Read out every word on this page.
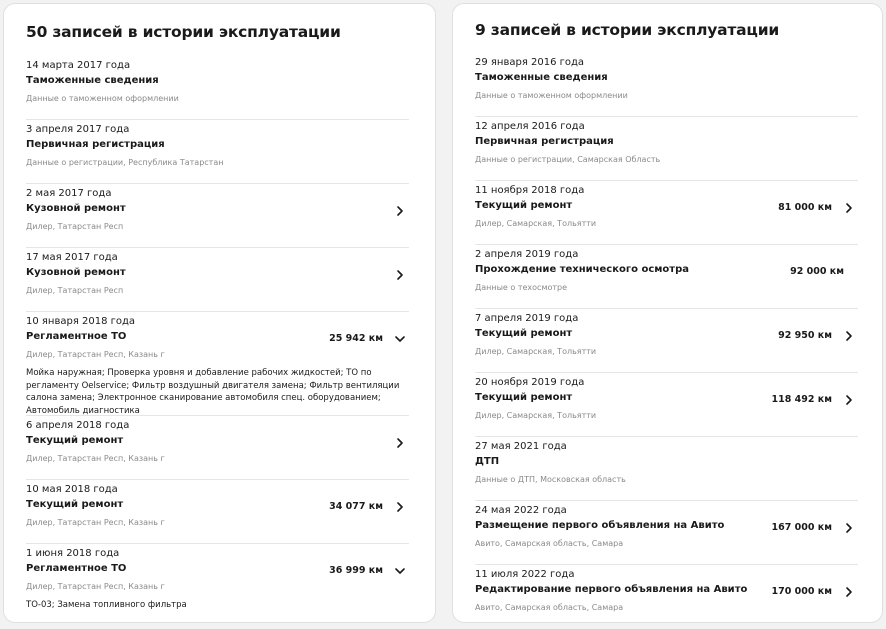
50 записей в истории эксплуатации
14 марта 2017 года
Таможенные сведения
Данные о таможенном оформлении
3 апреля 2017 года
Первичная регистрация
Данные о регистрации, Республика Татарстан
2 мая 2017 года
Кузовной ремонт
Дилер, Татарстан Респ
17 мая 2017 года
Кузовной ремонт
Дилер, Татарстан Респ
10 января 2018 года
Регламентное ТО
Дилер, Татарстан Респ, Казань г
Мойка наружная; Проверка уровня и добавление рабочих жидкостей; ТО по регламенту Oelservice; Фильтр воздушный двигателя замена; Фильтр вентиляции салона замена; Электронное сканирование автомобиля спец. оборудованием; Автомобиль диагностика
25 942 км
6 апреля 2018 года
Текущий ремонт
Дилер, Татарстан Респ, Казань г
10 мая 2018 года
Текущий ремонт
Дилер, Татарстан Респ, Казань г
34 077 км
1 июня 2018 года
Регламентное ТО
Дилер, Татарстан Респ, Казань г
ТО-03; Замена топливного фильтра
36 999 км
9 записей в истории эксплуатации
29 января 2016 года
Таможенные сведения
Данные о таможенном оформлении
12 апреля 2016 года
Первичная регистрация
Данные о регистрации, Самарская Область
11 ноября 2018 года
Текущий ремонт
Дилер, Самарская, Тольятти
81 000 км
2 апреля 2019 года
Прохождение технического осмотра
Данные о техосмотре
92 000 км
7 апреля 2019 года
Текущий ремонт
Дилер, Самарская, Тольятти
92 950 км
20 ноября 2019 года
Текущий ремонт
Дилер, Самарская, Тольятти
118 492 км
27 мая 2021 года
ДТП
Данные о ДТП, Московская область
24 мая 2022 года
Размещение первого объявления на Авито
Авито, Самарская область, Самара
167 000 км
11 июля 2022 года
Редактирование первого объявления на Авито
Авито, Самарская область, Самара
170 000 км
